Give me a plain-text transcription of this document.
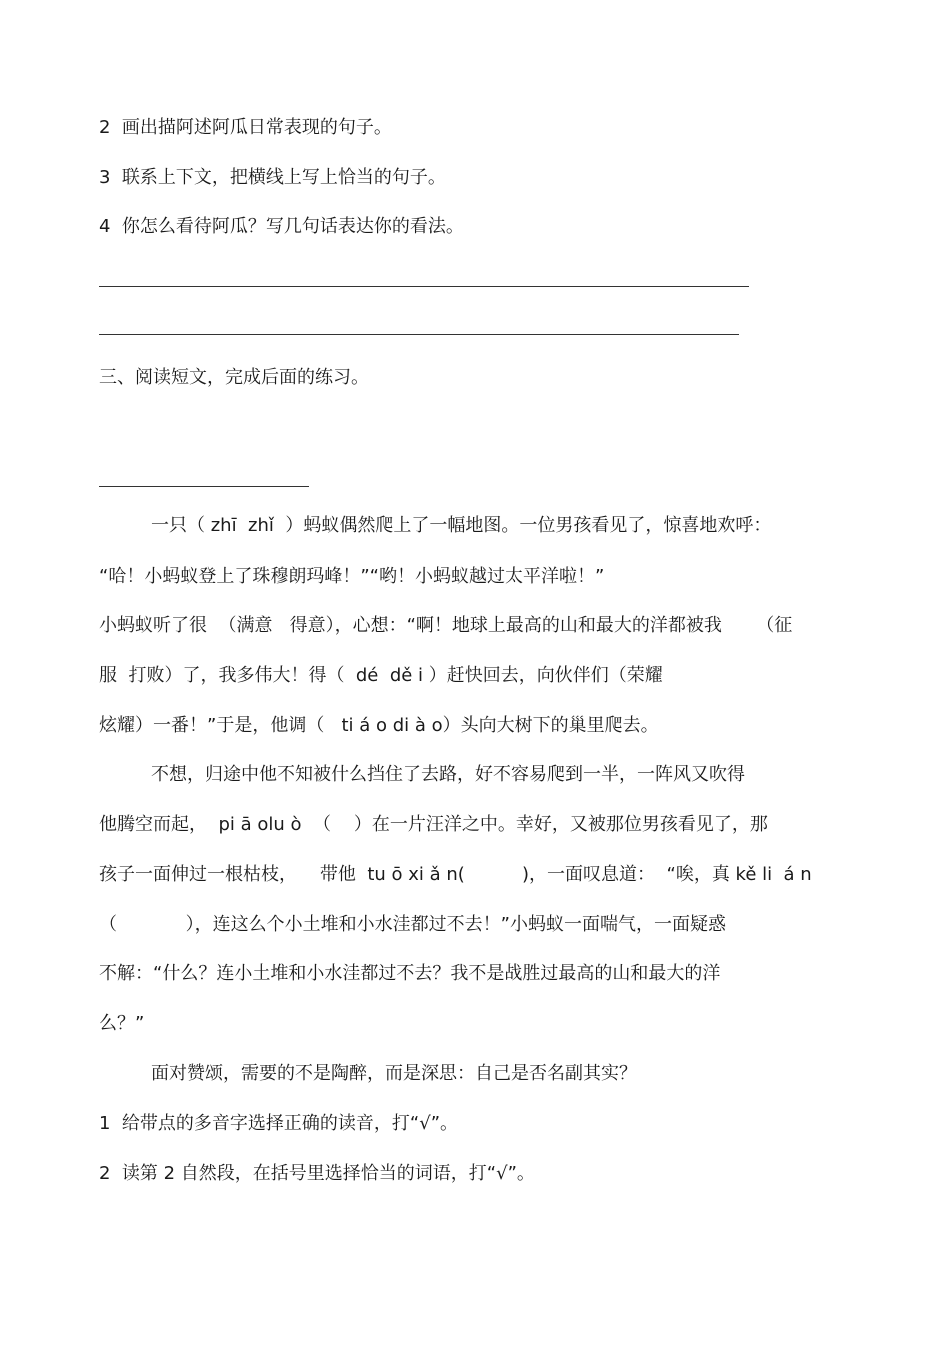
2  画出描阿述阿瓜日常表现的句子。
3  联系上下文，把横线上写上恰当的句子。
4  你怎么看待阿瓜？写几句话表达你的看法。
三、阅读短文，完成后面的练习。
一只（ zhī  zhǐ  ）蚂蚁偶然爬上了一幅地图。一位男孩看见了，惊喜地欢呼：
“哈！小蚂蚁登上了珠穆朗玛峰！”“哟！小蚂蚁越过太平洋啦！”
小蚂蚁听了很  （满意   得意），心想：“啊！地球上最高的山和最大的洋都被我      （征
服  打败）了，我多伟大！得（  dé  dě i ）赶快回去，向伙伴们（荣耀
炫耀）一番！”于是，他调（   ti á o di à o）头向大树下的巢里爬去。
不想，归途中他不知被什么挡住了去路，好不容易爬到一半，一阵风又吹得
他腾空而起，  pi ā olu ò  （    ）在一片汪洋之中。幸好，又被那位男孩看见了，那
孩子一面伸过一根枯枝，    带他  tu ō xi ǎ n(          )，一面叹息道：  “唉，真 kě li  á n
（            ），连这么个小土堆和小水洼都过不去！”小蚂蚁一面喘气，一面疑惑
不解：“什么？连小土堆和小水洼都过不去？我不是战胜过最高的山和最大的洋
么？”
面对赞颂，需要的不是陶醉，而是深思：自己是否名副其实？
1  给带点的多音字选择正确的读音，打“√”。
2  读第 2 自然段，在括号里选择恰当的词语，打“√”。
